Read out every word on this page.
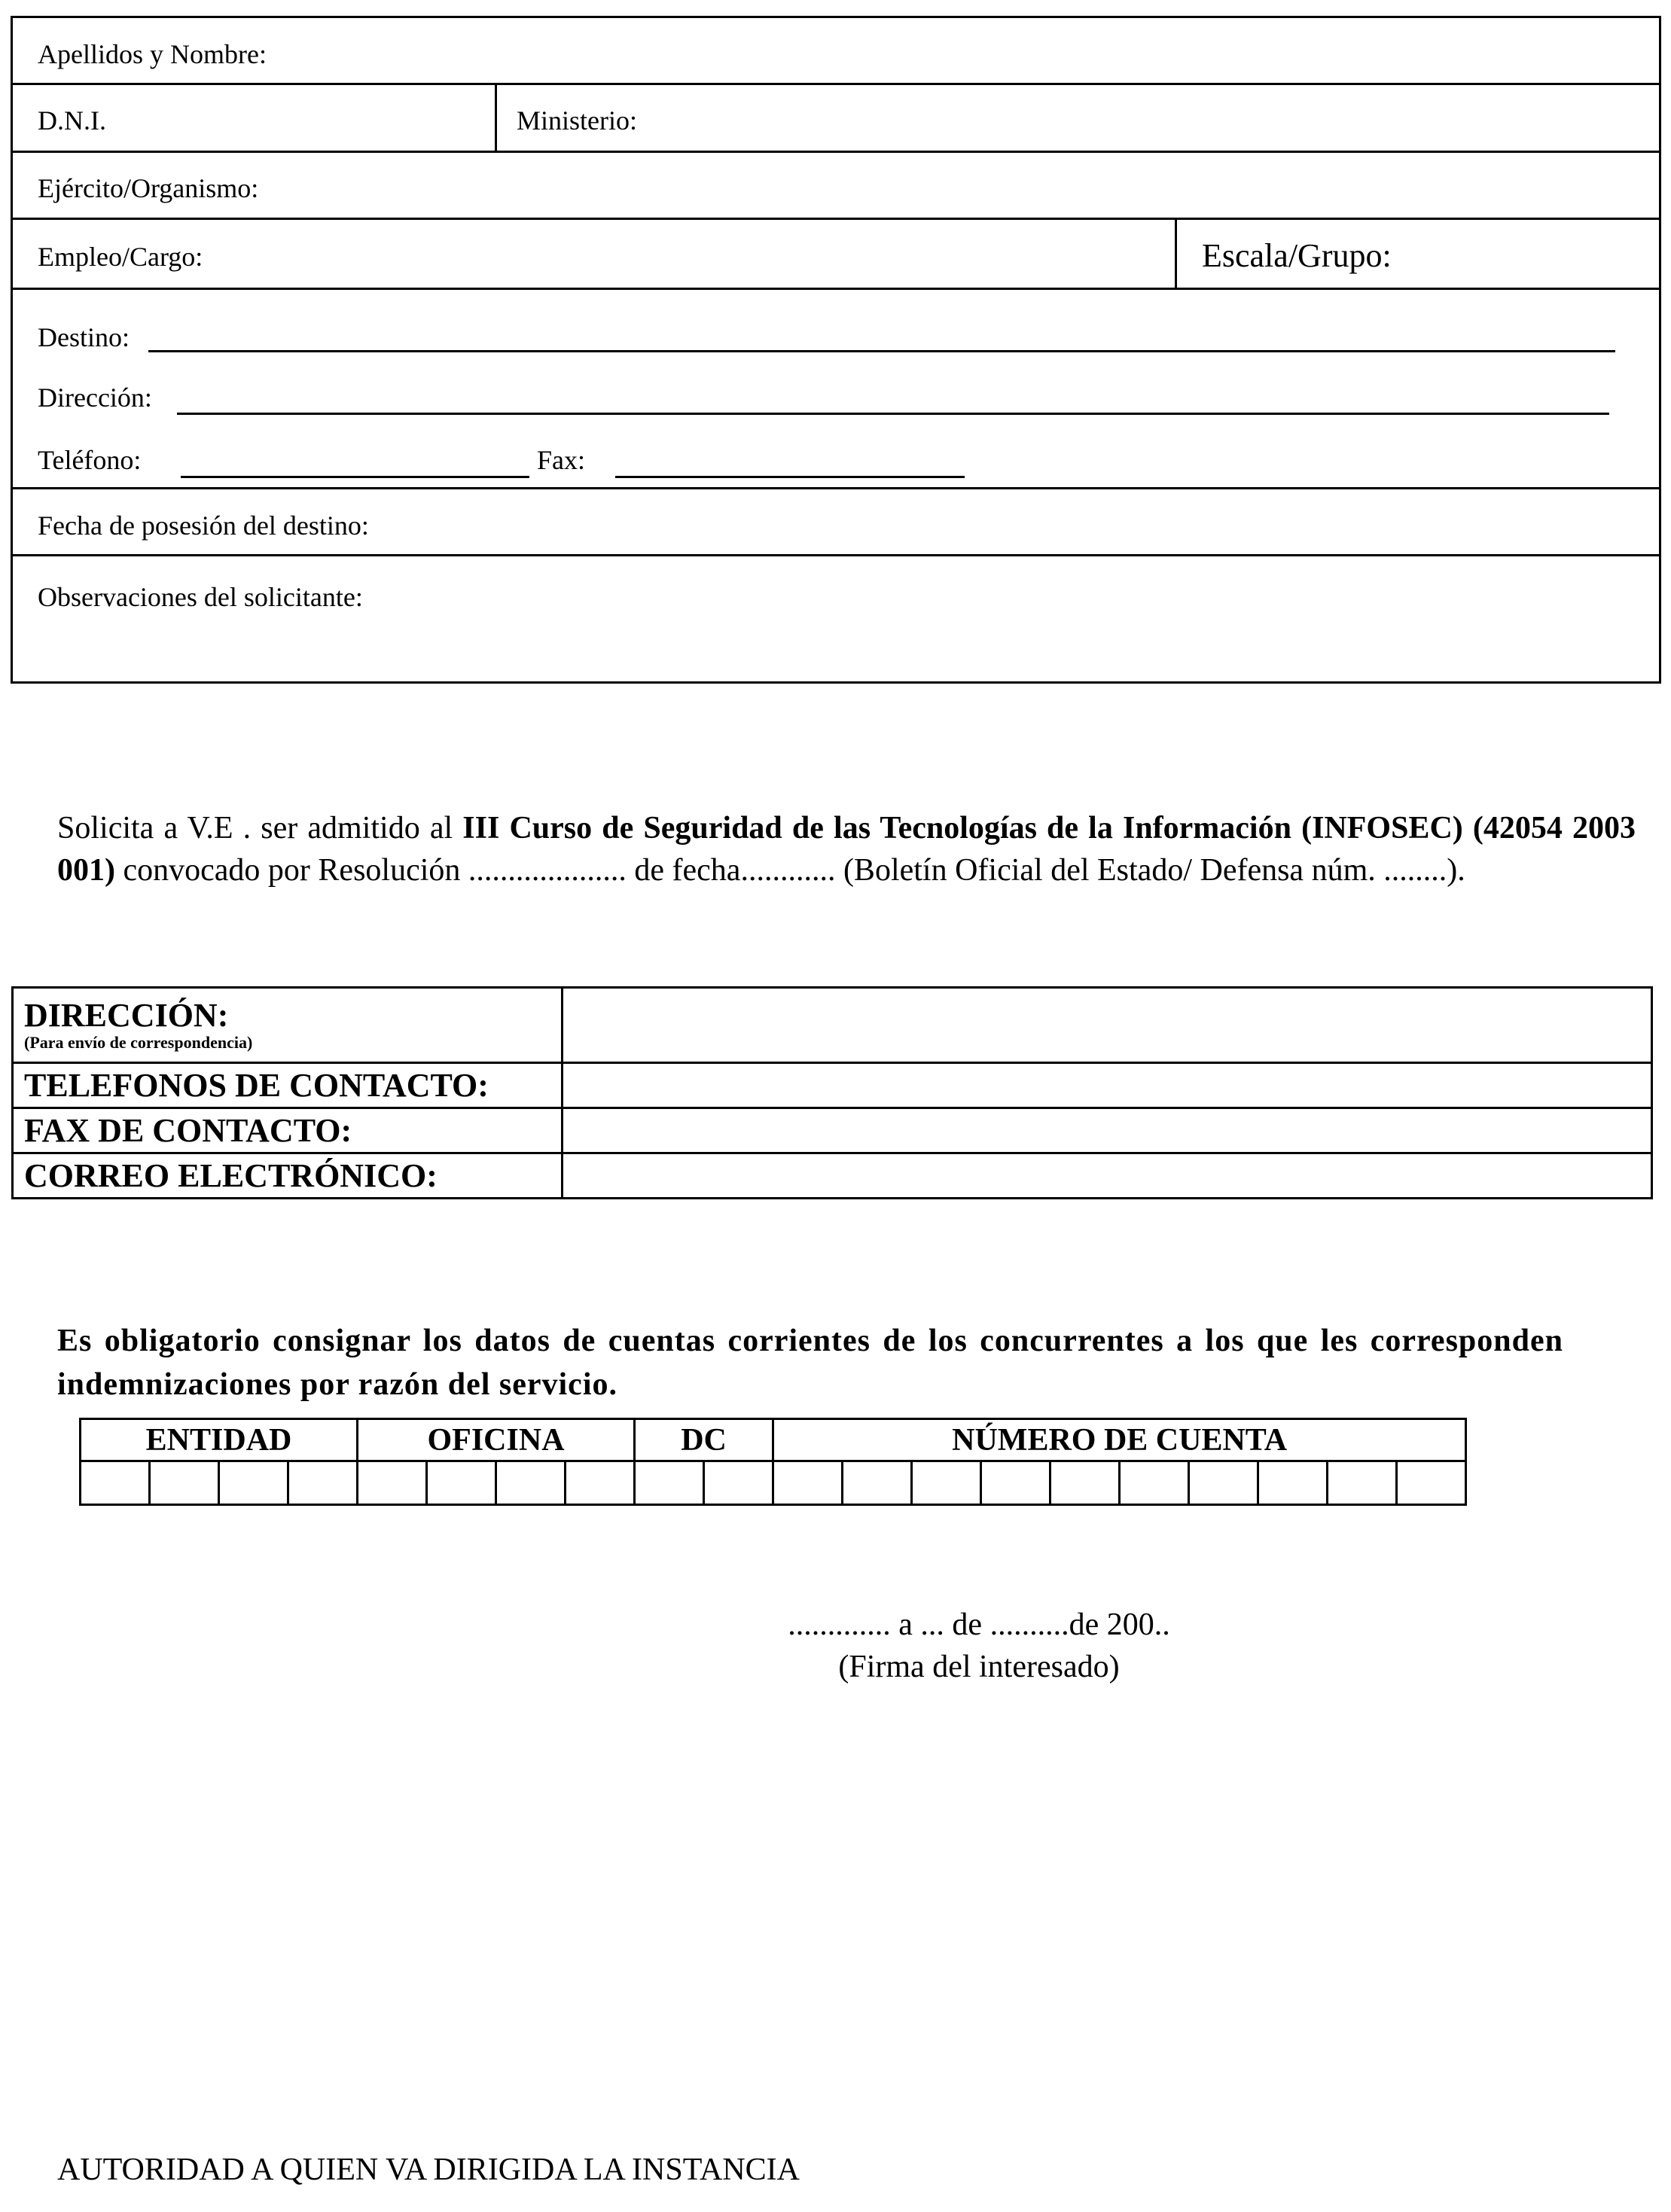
Apellidos y Nombre:
D.N.I.	Ministerio:
Ejército/Organismo:
Empleo/Cargo:	Escala/Grupo:
Destino:
Dirección:
Teléfono:	Fax:
Fecha de posesión del destino:
Observaciones del solicitante:

Solicita a V.E . ser admitido al III Curso de Seguridad de las Tecnologías de la Información (INFOSEC) (42054 2003 001) convocado por Resolución .................... de fecha............ (Boletín Oficial del Estado/ Defensa núm. ........).

DIRECCIÓN:
(Para envío de correspondencia)	

TELEFONOS DE CONTACTO:	
FAX DE CONTACTO:	
CORREO ELECTRÓNICO:	

Es obligatorio consignar los datos de cuentas corrientes de los concurrentes a los que les corresponden indemnizaciones por razón del servicio.

ENTIDAD				OFICINA				DC		NÚMERO DE CUENTA									

............. a ... de ..........de 200..
(Firma del interesado)
AUTORIDAD A QUIEN VA DIRIGIDA LA INSTANCIA
